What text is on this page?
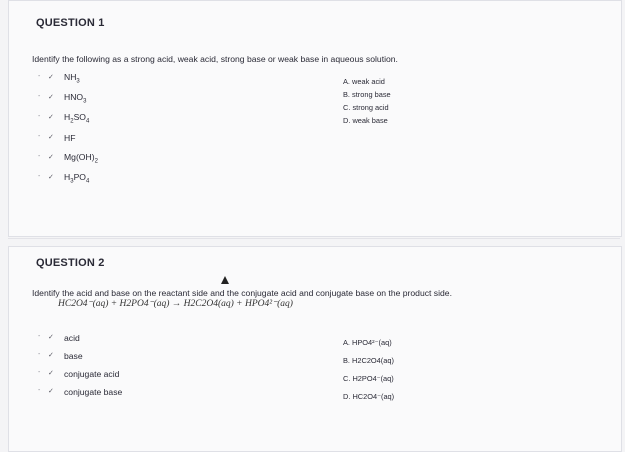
QUESTION 1
Identify the following as a strong acid, weak acid, strong base or weak base in aqueous solution.
- ✓ $NH_3$
- ✓ $HNO_3$
- ✓ $H_2SO_4$
- ✓ HF
- ✓ $Mg(OH)_2$
- ✓ $H_3PO_4$
A. weak acid
B. strong base
C. strong acid
D. weak base
QUESTION 2
Identify the acid and base on the reactant side and the conjugate acid and conjugate base on the product side.
HC2O4⁻(aq) + H2PO4⁻(aq) → H2C2O4(aq) + HPO4²⁻(aq)
- ✓ acid
- ✓ base
- ✓ conjugate acid
- ✓ conjugate base
A. HPO4²⁻(aq)
B. H2C2O4(aq)
C. H2PO4⁻(aq)
D. HC2O4⁻(aq)
